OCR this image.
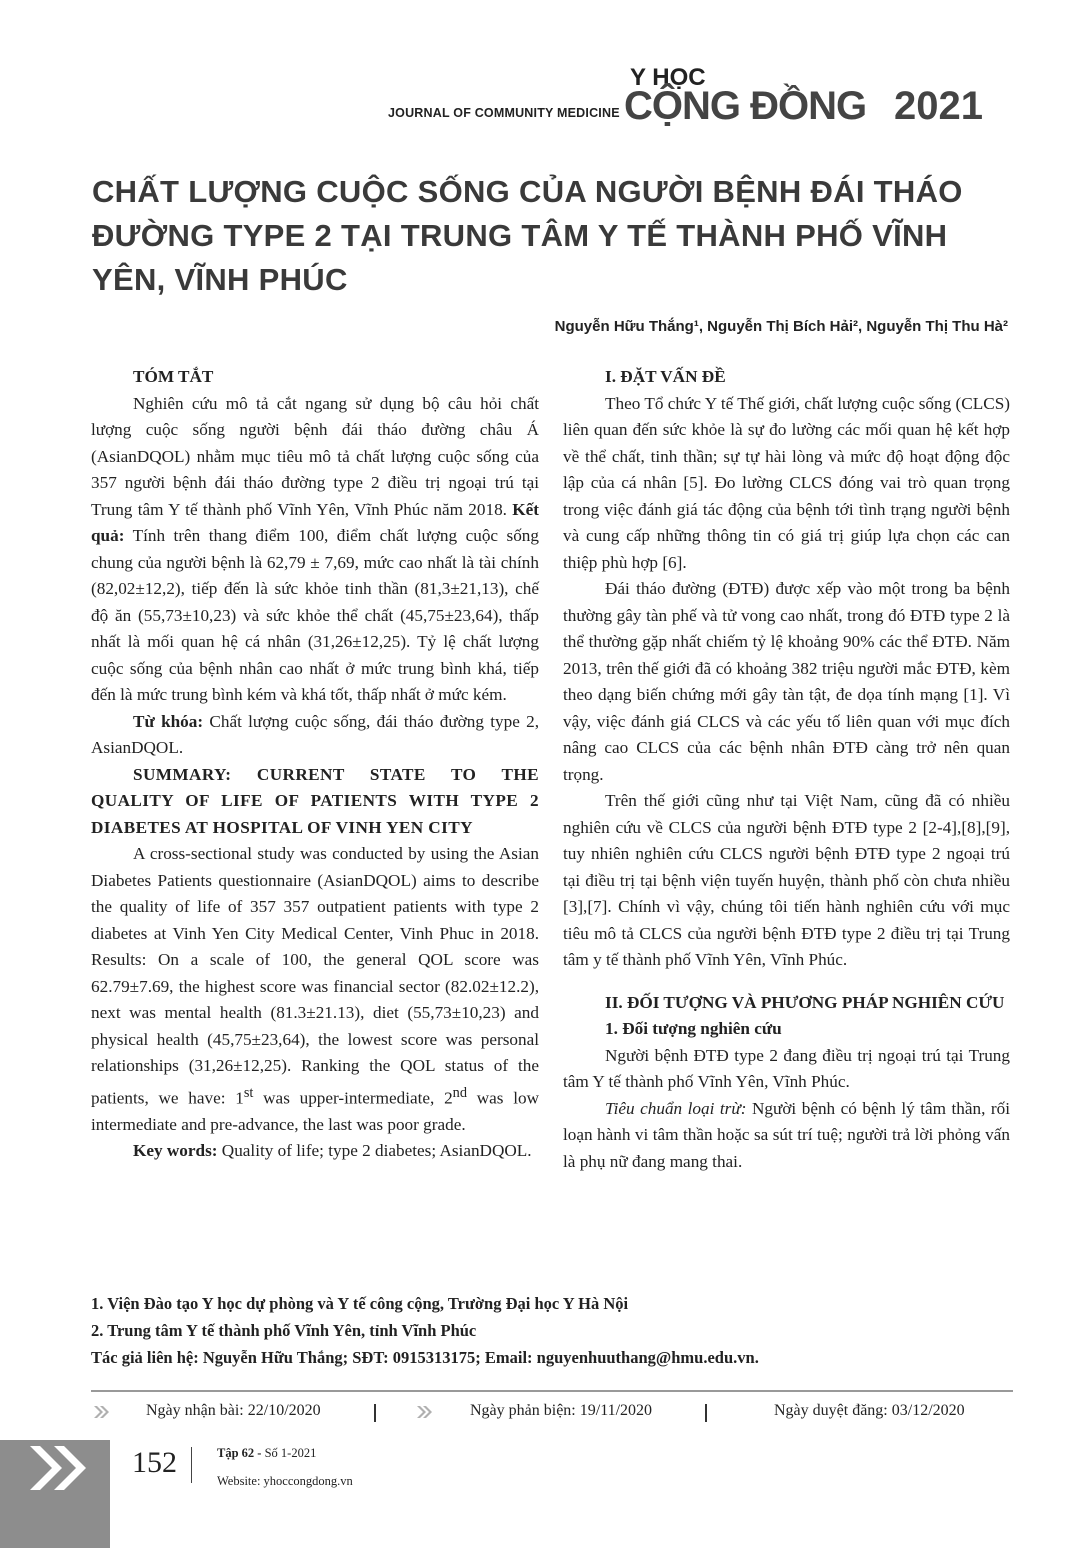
JOURNAL OF COMMUNITY MEDICINE
Y HỌC
CỘNG ĐỒNG 2021
CHẤT LƯỢNG CUỘC SỐNG CỦA NGƯỜI BỆNH ĐÁI THÁO ĐƯỜNG TYPE 2 TẠI TRUNG TÂM Y TẾ THÀNH PHỐ VĨNH YÊN, VĨNH PHÚC
Nguyễn Hữu Thắng¹, Nguyễn Thị Bích Hải², Nguyễn Thị Thu Hà²

TÓM TẮT

Nghiên cứu mô tả cắt ngang sử dụng bộ câu hỏi chất lượng cuộc sống người bệnh đái tháo đường châu Á (AsianDQOL) nhằm mục tiêu mô tả chất lượng cuộc sống của 357 người bệnh đái tháo đường type 2 điều trị ngoại trú tại Trung tâm Y tế thành phố Vĩnh Yên, Vĩnh Phúc năm 2018. Kết quả: Tính trên thang điểm 100, điểm chất lượng cuộc sống chung của người bệnh là 62,79 ± 7,69, mức cao nhất là tài chính (82,02±12,2), tiếp đến là sức khỏe tinh thần (81,3±21,13), chế độ ăn (55,73±10,23) và sức khỏe thể chất (45,75±23,64), thấp nhất là mối quan hệ cá nhân (31,26±12,25). Tỷ lệ chất lượng cuộc sống của bệnh nhân cao nhất ở mức trung bình khá, tiếp đến là mức trung bình kém và khá tốt, thấp nhất ở mức kém.

Từ khóa: Chất lượng cuộc sống, đái tháo đường type 2, AsianDQOL.

SUMMARY: CURRENT STATE TO THE QUALITY OF LIFE OF PATIENTS WITH TYPE 2 DIABETES AT HOSPITAL OF VINH YEN CITY

A cross-sectional study was conducted by using the Asian Diabetes Patients questionnaire (AsianDQOL) aims to describe the quality of life of 357 357 outpatient patients with type 2 diabetes at Vinh Yen City Medical Center, Vinh Phuc in 2018. Results: On a scale of 100, the general QOL score was 62.79±7.69, the highest score was financial sector (82.02±12.2), next was mental health (81.3±21.13), diet (55,73±10,23) and physical health (45,75±23,64), the lowest score was personal relationships (31,26±12,25). Ranking the QOL status of the patients, we have: 1st was upper-intermediate, 2nd was low intermediate and pre-advance, the last was poor grade.

Key words: Quality of life; type 2 diabetes; AsianDQOL.

I. ĐẶT VẤN ĐỀ

Theo Tổ chức Y tế Thế giới, chất lượng cuộc sống (CLCS) liên quan đến sức khỏe là sự đo lường các mối quan hệ kết hợp về thể chất, tinh thần; sự tự hài lòng và mức độ hoạt động độc lập của cá nhân [5]. Đo lường CLCS đóng vai trò quan trọng trong việc đánh giá tác động của bệnh tới tình trạng người bệnh và cung cấp những thông tin có giá trị giúp lựa chọn các can thiệp phù hợp [6].

Đái tháo đường (ĐTĐ) được xếp vào một trong ba bệnh thường gây tàn phế và tử vong cao nhất, trong đó ĐTĐ type 2 là thể thường gặp nhất chiếm tỷ lệ khoảng 90% các thể ĐTĐ. Năm 2013, trên thế giới đã có khoảng 382 triệu người mắc ĐTĐ, kèm theo dạng biến chứng mới gây tàn tật, đe dọa tính mạng [1]. Vì vậy, việc đánh giá CLCS và các yếu tố liên quan với mục đích nâng cao CLCS của các bệnh nhân ĐTĐ càng trở nên quan trọng.

Trên thế giới cũng như tại Việt Nam, cũng đã có nhiều nghiên cứu về CLCS của người bệnh ĐTĐ type 2 [2-4],[8],[9], tuy nhiên nghiên cứu CLCS người bệnh ĐTĐ type 2 ngoại trú tại điều trị tại bệnh viện tuyến huyện, thành phố còn chưa nhiều [3],[7]. Chính vì vậy, chúng tôi tiến hành nghiên cứu với mục tiêu mô tả CLCS của người bệnh ĐTĐ type 2 điều trị tại Trung tâm y tế thành phố Vĩnh Yên, Vĩnh Phúc.

II. ĐỐI TƯỢNG VÀ PHƯƠNG PHÁP NGHIÊN CỨU

1. Đối tượng nghiên cứu

Người bệnh ĐTĐ type 2 đang điều trị ngoại trú tại Trung tâm Y tế thành phố Vĩnh Yên, Vĩnh Phúc.

Tiêu chuẩn loại trừ: Người bệnh có bệnh lý tâm thần, rối loạn hành vi tâm thần hoặc sa sút trí tuệ; người trả lời phỏng vấn là phụ nữ đang mang thai.

1. Viện Đào tạo Y học dự phòng và Y tế công cộng, Trường Đại học Y Hà Nội
2. Trung tâm Y tế thành phố Vĩnh Yên, tỉnh Vĩnh Phúc
Tác giả liên hệ: Nguyễn Hữu Thắng; SĐT: 0915313175; Email: nguyenhuuthang@hmu.edu.vn.
Ngày nhận bài: 22/10/2020	Ngày phản biện: 19/11/2020	Ngày duyệt đăng: 03/12/2020
152	Tập 62 - Số 1-2021
Website: yhoccongdong.vn
